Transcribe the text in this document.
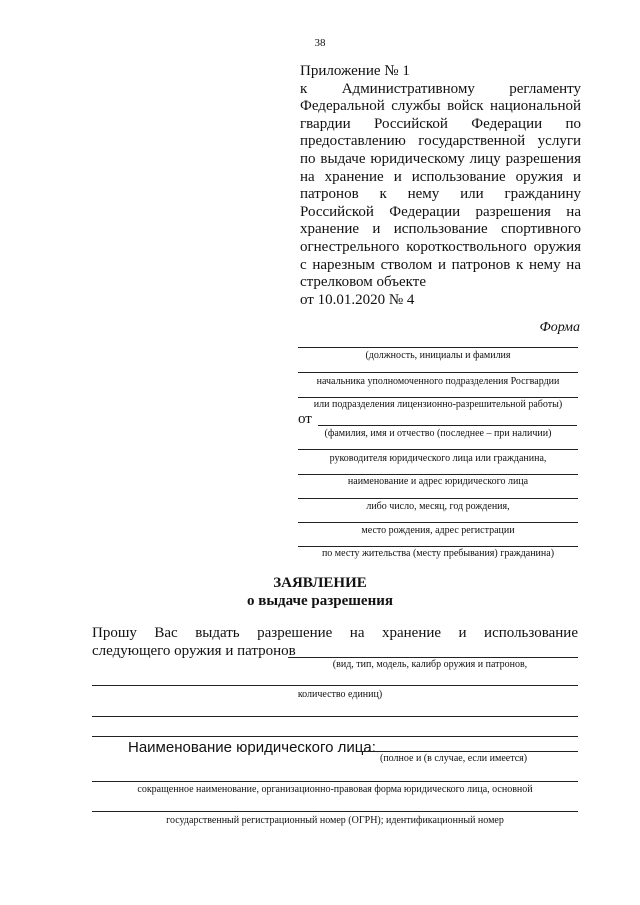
38
Приложение № 1
к Административному регламенту
Федеральной службы войск национальной
гвардии Российской Федерации по
предоставлению государственной услуги
по выдаче юридическому лицу разрешения
на хранение и использование оружия и
патронов к нему или гражданину
Российской Федерации разрешения на
хранение и использование спортивного
огнестрельного короткоствольного оружия
с нарезным стволом и патронов к нему на
стрелковом объекте
от 10.01.2020 № 4
Форма
(должность, инициалы и фамилия
начальника уполномоченного подразделения Росгвардии
или подразделения лицензионно-разрешительной работы)
от
(фамилия, имя и отчество (последнее – при наличии)
руководителя юридического лица или гражданина,
наименование и адрес юридического лица
либо число, месяц, год рождения,
место рождения, адрес регистрации
по месту жительства (месту пребывания) гражданина)
ЗАЯВЛЕНИЕ
о выдаче разрешения
Прошу Вас выдать разрешение на хранение и использование
следующего оружия и патронов
(вид, тип, модель, калибр оружия и патронов,
количество единиц)
Наименование юридического лица:
(полное и (в случае, если имеется)
сокращенное наименование, организационно-правовая форма юридического лица, основной
государственный регистрационный номер (ОГРН); идентификационный номер
